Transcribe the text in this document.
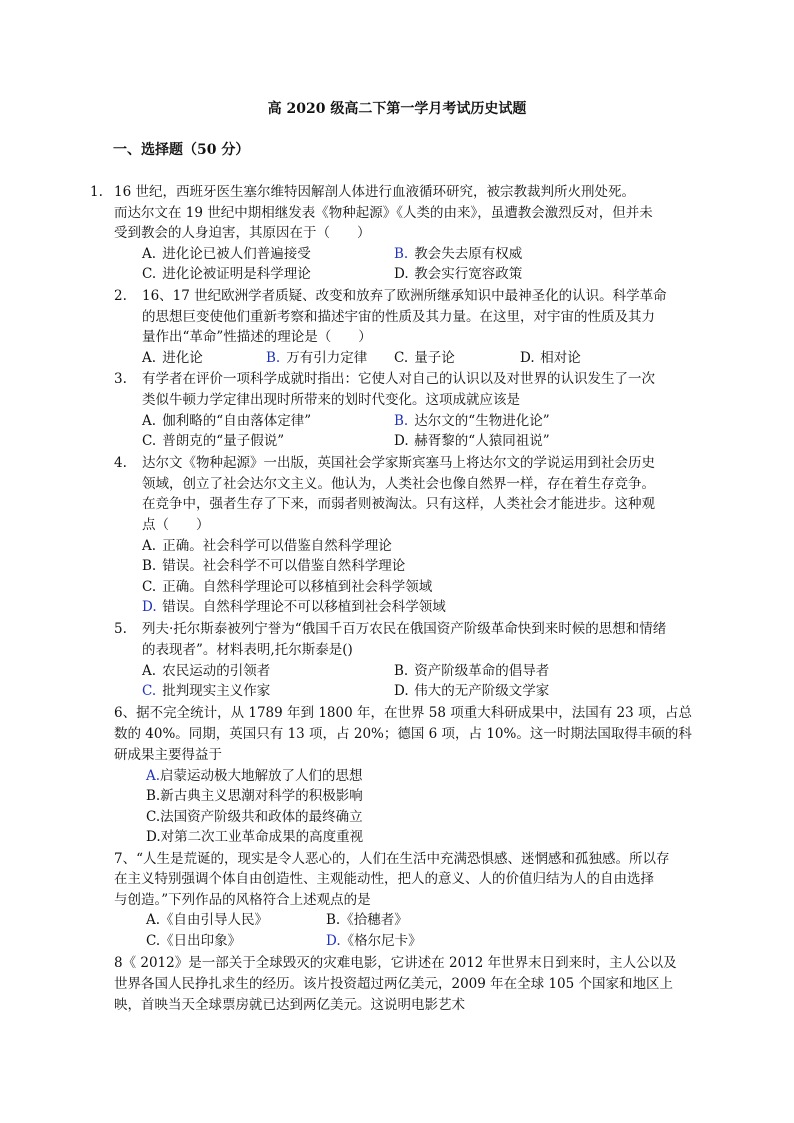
高 2020 级高二下第一学月考试历史试题
一、选择题（50 分）
1. 16 世纪，西班牙医生塞尔维特因解剖人体进行血液循环研究，被宗教裁判所火刑处死。
而达尔文在 19 世纪中期相继发表《物种起源》《人类的由来》，虽遭教会激烈反对，但并未
受到教会的人身迫害，其原因在于（　　）
A. 进化论已被人们普遍接受	B. 教会失去原有权威
C. 进化论被证明是科学理论	D. 教会实行宽容政策
2. 16、17 世纪欧洲学者质疑、改变和放弃了欧洲所继承知识中最神圣化的认识。科学革命
的思想巨变使他们重新考察和描述宇宙的性质及其力量。在这里，对宇宙的性质及其力
量作出“革命”性描述的理论是（　　）
A. 进化论	B. 万有引力定律 C. 量子论	D. 相对论
3. 有学者在评价一项科学成就时指出：它使人对自己的认识以及对世界的认识发生了一次
类似牛顿力学定律出现时所带来的划时代变化。这项成就应该是
A. 伽利略的“自由落体定律”	B. 达尔文的“生物进化论”
C. 普朗克的“量子假说”	D. 赫胥黎的“人猿同祖说”
4. 达尔文《物种起源》一出版，英国社会学家斯宾塞马上将达尔文的学说运用到社会历史
领域，创立了社会达尔文主义。他认为，人类社会也像自然界一样，存在着生存竞争。
在竞争中，强者生存了下来，而弱者则被淘汰。只有这样，人类社会才能进步。这种观
点（　　）
A. 正确。社会科学可以借鉴自然科学理论
B. 错误。社会科学不可以借鉴自然科学理论
C. 正确。自然科学理论可以移植到社会科学领域
D. 错误。自然科学理论不可以移植到社会科学领域
5. 列夫·托尔斯泰被列宁誉为“俄国千百万农民在俄国资产阶级革命快到来时候的思想和情绪
的表现者”。材料表明,托尔斯泰是()
A. 农民运动的引领者	B. 资产阶级革命的倡导者
C. 批判现实主义作家	D. 伟大的无产阶级文学家
6、据不完全统计，从 1789 年到 1800 年，在世界 58 项重大科研成果中，法国有 23 项，占总
数的 40%。同期，英国只有 13 项，占 20%；德国 6 项，占 10%。这一时期法国取得丰硕的科
研成果主要得益于
A.启蒙运动极大地解放了人们的思想
B.新古典主义思潮对科学的积极影响
C.法国资产阶级共和政体的最终确立
D.对第二次工业革命成果的高度重视
7、“人生是荒诞的，现实是令人恶心的，人们在生活中充满恐惧感、迷惘感和孤独感。所以存
在主义特别强调个体自由创造性、主观能动性，把人的意义、人的价值归结为人的自由选择
与创造。”下列作品的风格符合上述观点的是
A.《自由引导人民》	B.《拾穗者》
C.《日出印象》	D.《格尔尼卡》
8《 2012》是一部关于全球毁灭的灾难电影，它讲述在 2012 年世界末日到来时，主人公以及
世界各国人民挣扎求生的经历。该片投资超过两亿美元，2009 年在全球 105 个国家和地区上
映，首映当天全球票房就已达到两亿美元。这说明电影艺术
